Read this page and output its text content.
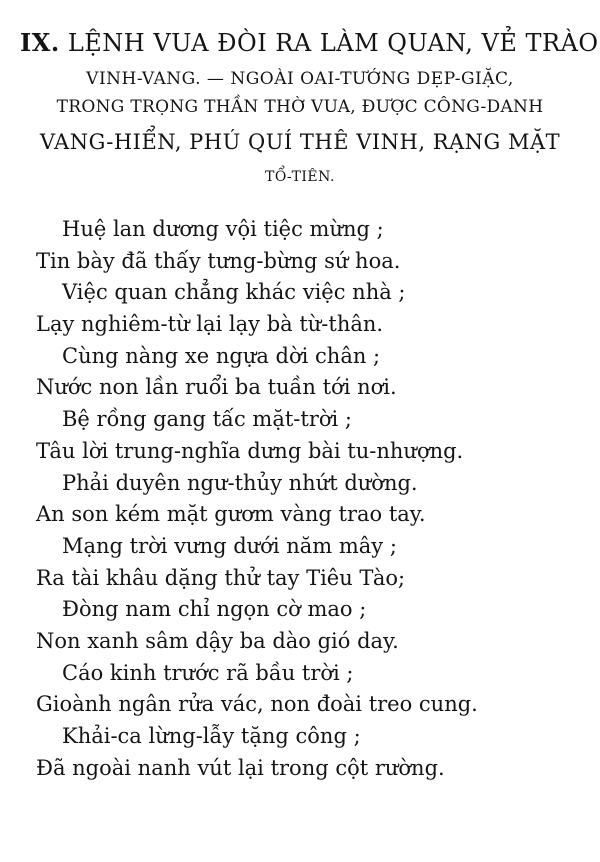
IX. LỆNH VUA ĐÒI RA LÀM QUAN, VẺ TRÀO
VINH-VANG. — NGOÀI OAI-TƯỚNG DẸP-GIẶC,
TRONG TRỌNG THẦN THỜ VUA, ĐƯỢC CÔNG-DANH
VANG-HIỂN, PHÚ QUÍ THÊ VINH, RẠNG MẶT
TỔ-TIÊN.
Huệ lan dương vội tiệc mừng ;
Tin bày đã thấy tưng-bừng sứ hoa.
Việc quan chẳng khác việc nhà ;
Lạy nghiêm-từ lại lạy bà từ-thân.
Cùng nàng xe ngựa dời chân ;
Nước non lần ruổi ba tuần tới nơi.
Bệ rồng gang tấc mặt-trời ;
Tâu lời trung-nghĩa dưng bài tu-nhượng.
Phải duyên ngư-thủy nhứt dường.
An son kém mặt gươm vàng trao tay.
Mạng trời vưng dưới năm mây ;
Ra tài khâu dặng thử tay Tiêu Tào;
Đòng nam chỉ ngọn cờ mao ;
Non xanh sâm dậy ba dào gió day.
Cáo kinh trước rã bầu trời ;
Gioành ngân rửa vác, non đoài treo cung.
Khải-ca lừng-lẫy tặng công ;
Đã ngoài nanh vút lại trong cột rường.
